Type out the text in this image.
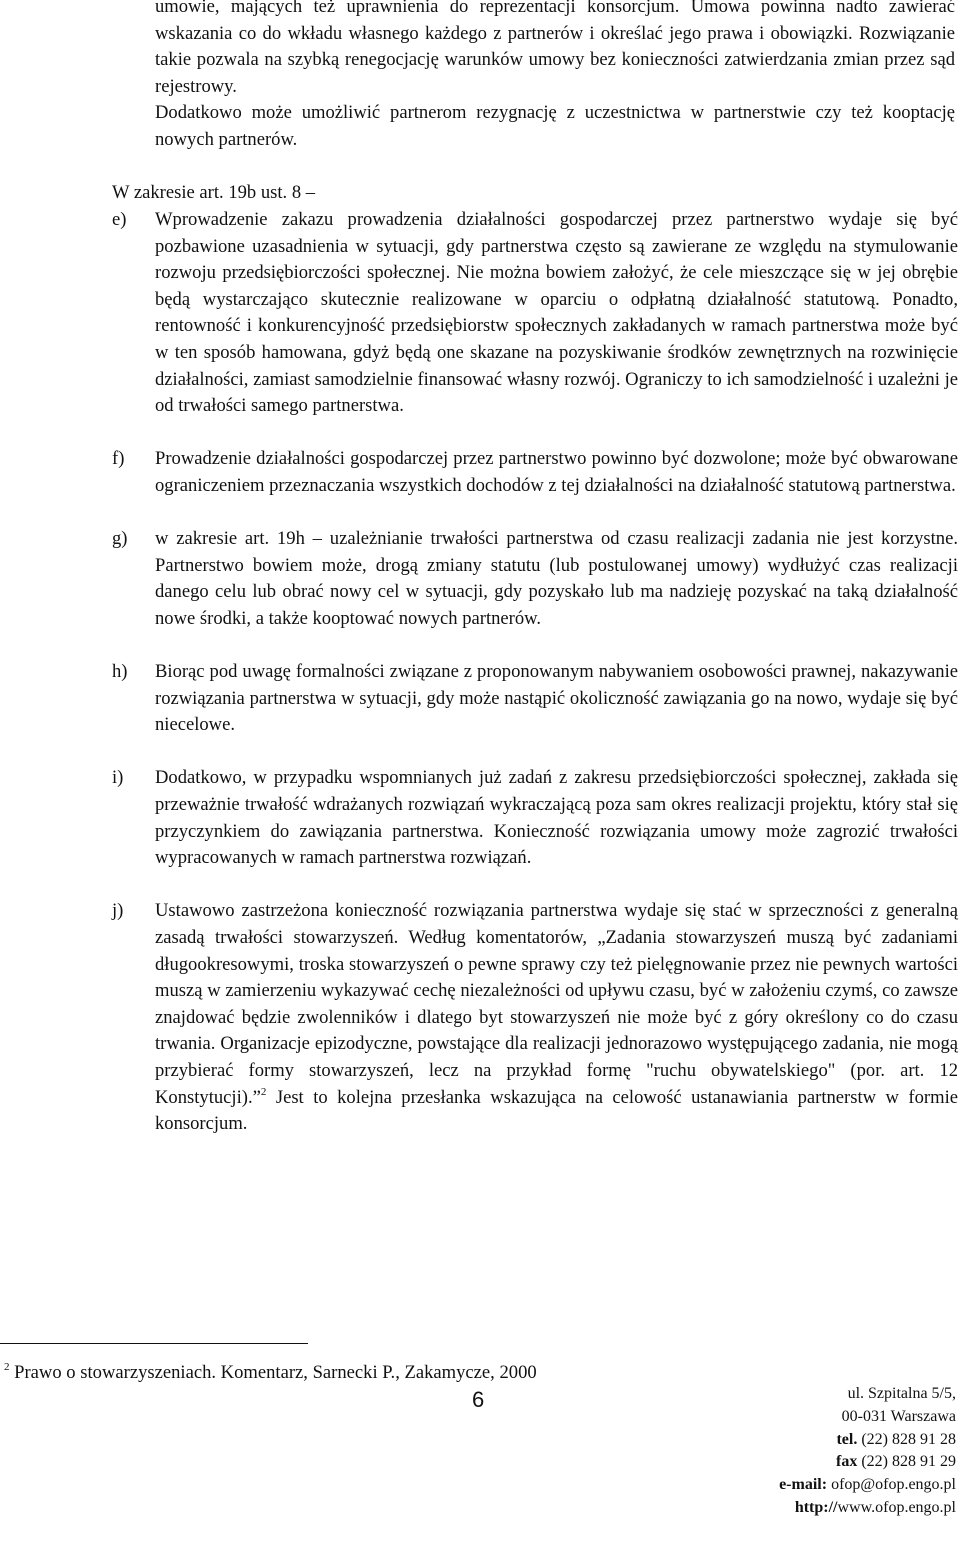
umowie, mających też uprawnienia do reprezentacji konsorcjum. Umowa powinna nadto zawierać wskazania co do wkładu własnego każdego z partnerów i określać jego prawa i obowiązki. Rozwiązanie takie pozwala na szybką renegocjację warunków umowy bez konieczności zatwierdzania zmian przez sąd rejestrowy.

Dodatkowo może umożliwić partnerom rezygnację z uczestnictwa w partnerstwie czy też kooptację nowych partnerów.

W zakresie art. 19b ust. 8 –
e)	Wprowadzenie zakazu prowadzenia działalności gospodarczej przez partnerstwo wydaje się być pozbawione uzasadnienia w sytuacji, gdy partnerstwa często są zawierane ze względu na stymulowanie rozwoju przedsiębiorczości społecznej. Nie można bowiem założyć, że cele mieszczące się w jej obrębie będą wystarczająco skutecznie realizowane w oparciu o odpłatną działalność statutową. Ponadto, rentowność i konkurencyjność przedsiębiorstw społecznych zakładanych w ramach partnerstwa może być w ten sposób hamowana, gdyż będą one skazane na pozyskiwanie środków zewnętrznych na rozwinięcie działalności, zamiast samodzielnie finansować własny rozwój. Ograniczy to ich samodzielność i uzależni je od trwałości samego partnerstwa.
f)	Prowadzenie działalności gospodarczej przez partnerstwo powinno być dozwolone; może być obwarowane ograniczeniem przeznaczania wszystkich dochodów z tej działalności na działalność statutową partnerstwa.
g)	w zakresie art. 19h – uzależnianie trwałości partnerstwa od czasu realizacji zadania nie jest korzystne. Partnerstwo bowiem może, drogą zmiany statutu (lub postulowanej umowy) wydłużyć czas realizacji danego celu lub obrać nowy cel w sytuacji, gdy pozyskało lub ma nadzieję pozyskać na taką działalność nowe środki, a także kooptować nowych partnerów.
h)	Biorąc pod uwagę formalności związane z proponowanym nabywaniem osobowości prawnej, nakazywanie rozwiązania partnerstwa w sytuacji, gdy może nastąpić okoliczność zawiązania go na nowo, wydaje się być niecelowe.
i)	Dodatkowo, w przypadku wspomnianych już zadań z zakresu przedsiębiorczości społecznej, zakłada się przeważnie trwałość wdrażanych rozwiązań wykraczającą poza sam okres realizacji projektu, który stał się przyczynkiem do zawiązania partnerstwa. Konieczność rozwiązania umowy może zagrozić trwałości wypracowanych w ramach partnerstwa rozwiązań.
j)	Ustawowo zastrzeżona konieczność rozwiązania partnerstwa wydaje się stać w sprzeczności z generalną zasadą trwałości stowarzyszeń. Według komentatorów, „Zadania stowarzyszeń muszą być zadaniami długookresowymi, troska stowarzyszeń o pewne sprawy czy też pielęgnowanie przez nie pewnych wartości muszą w zamierzeniu wykazywać cechę niezależności od upływu czasu, być w założeniu czymś, co zawsze znajdować będzie zwolenników i dlatego byt stowarzyszeń nie może być z góry określony co do czasu trwania. Organizacje epizodyczne, powstające dla realizacji jednorazowo występującego zadania, nie mogą przybierać formy stowarzyszeń, lecz na przykład formę "ruchu obywatelskiego" (por. art. 12 Konstytucji).”$^2$ Jest to kolejna przesłanka wskazująca na celowość ustanawiania partnerstw w formie konsorcjum.
$^2$ Prawo o stowarzyszeniach. Komentarz, Sarnecki P., Zakamycze, 2000
6	ul. Szpitalna 5/5,
00-031 Warszawa
tel. (22) 828 91 28
fax (22) 828 91 29
e-mail: ofop@ofop.engo.pl
http://www.ofop.engo.pl
